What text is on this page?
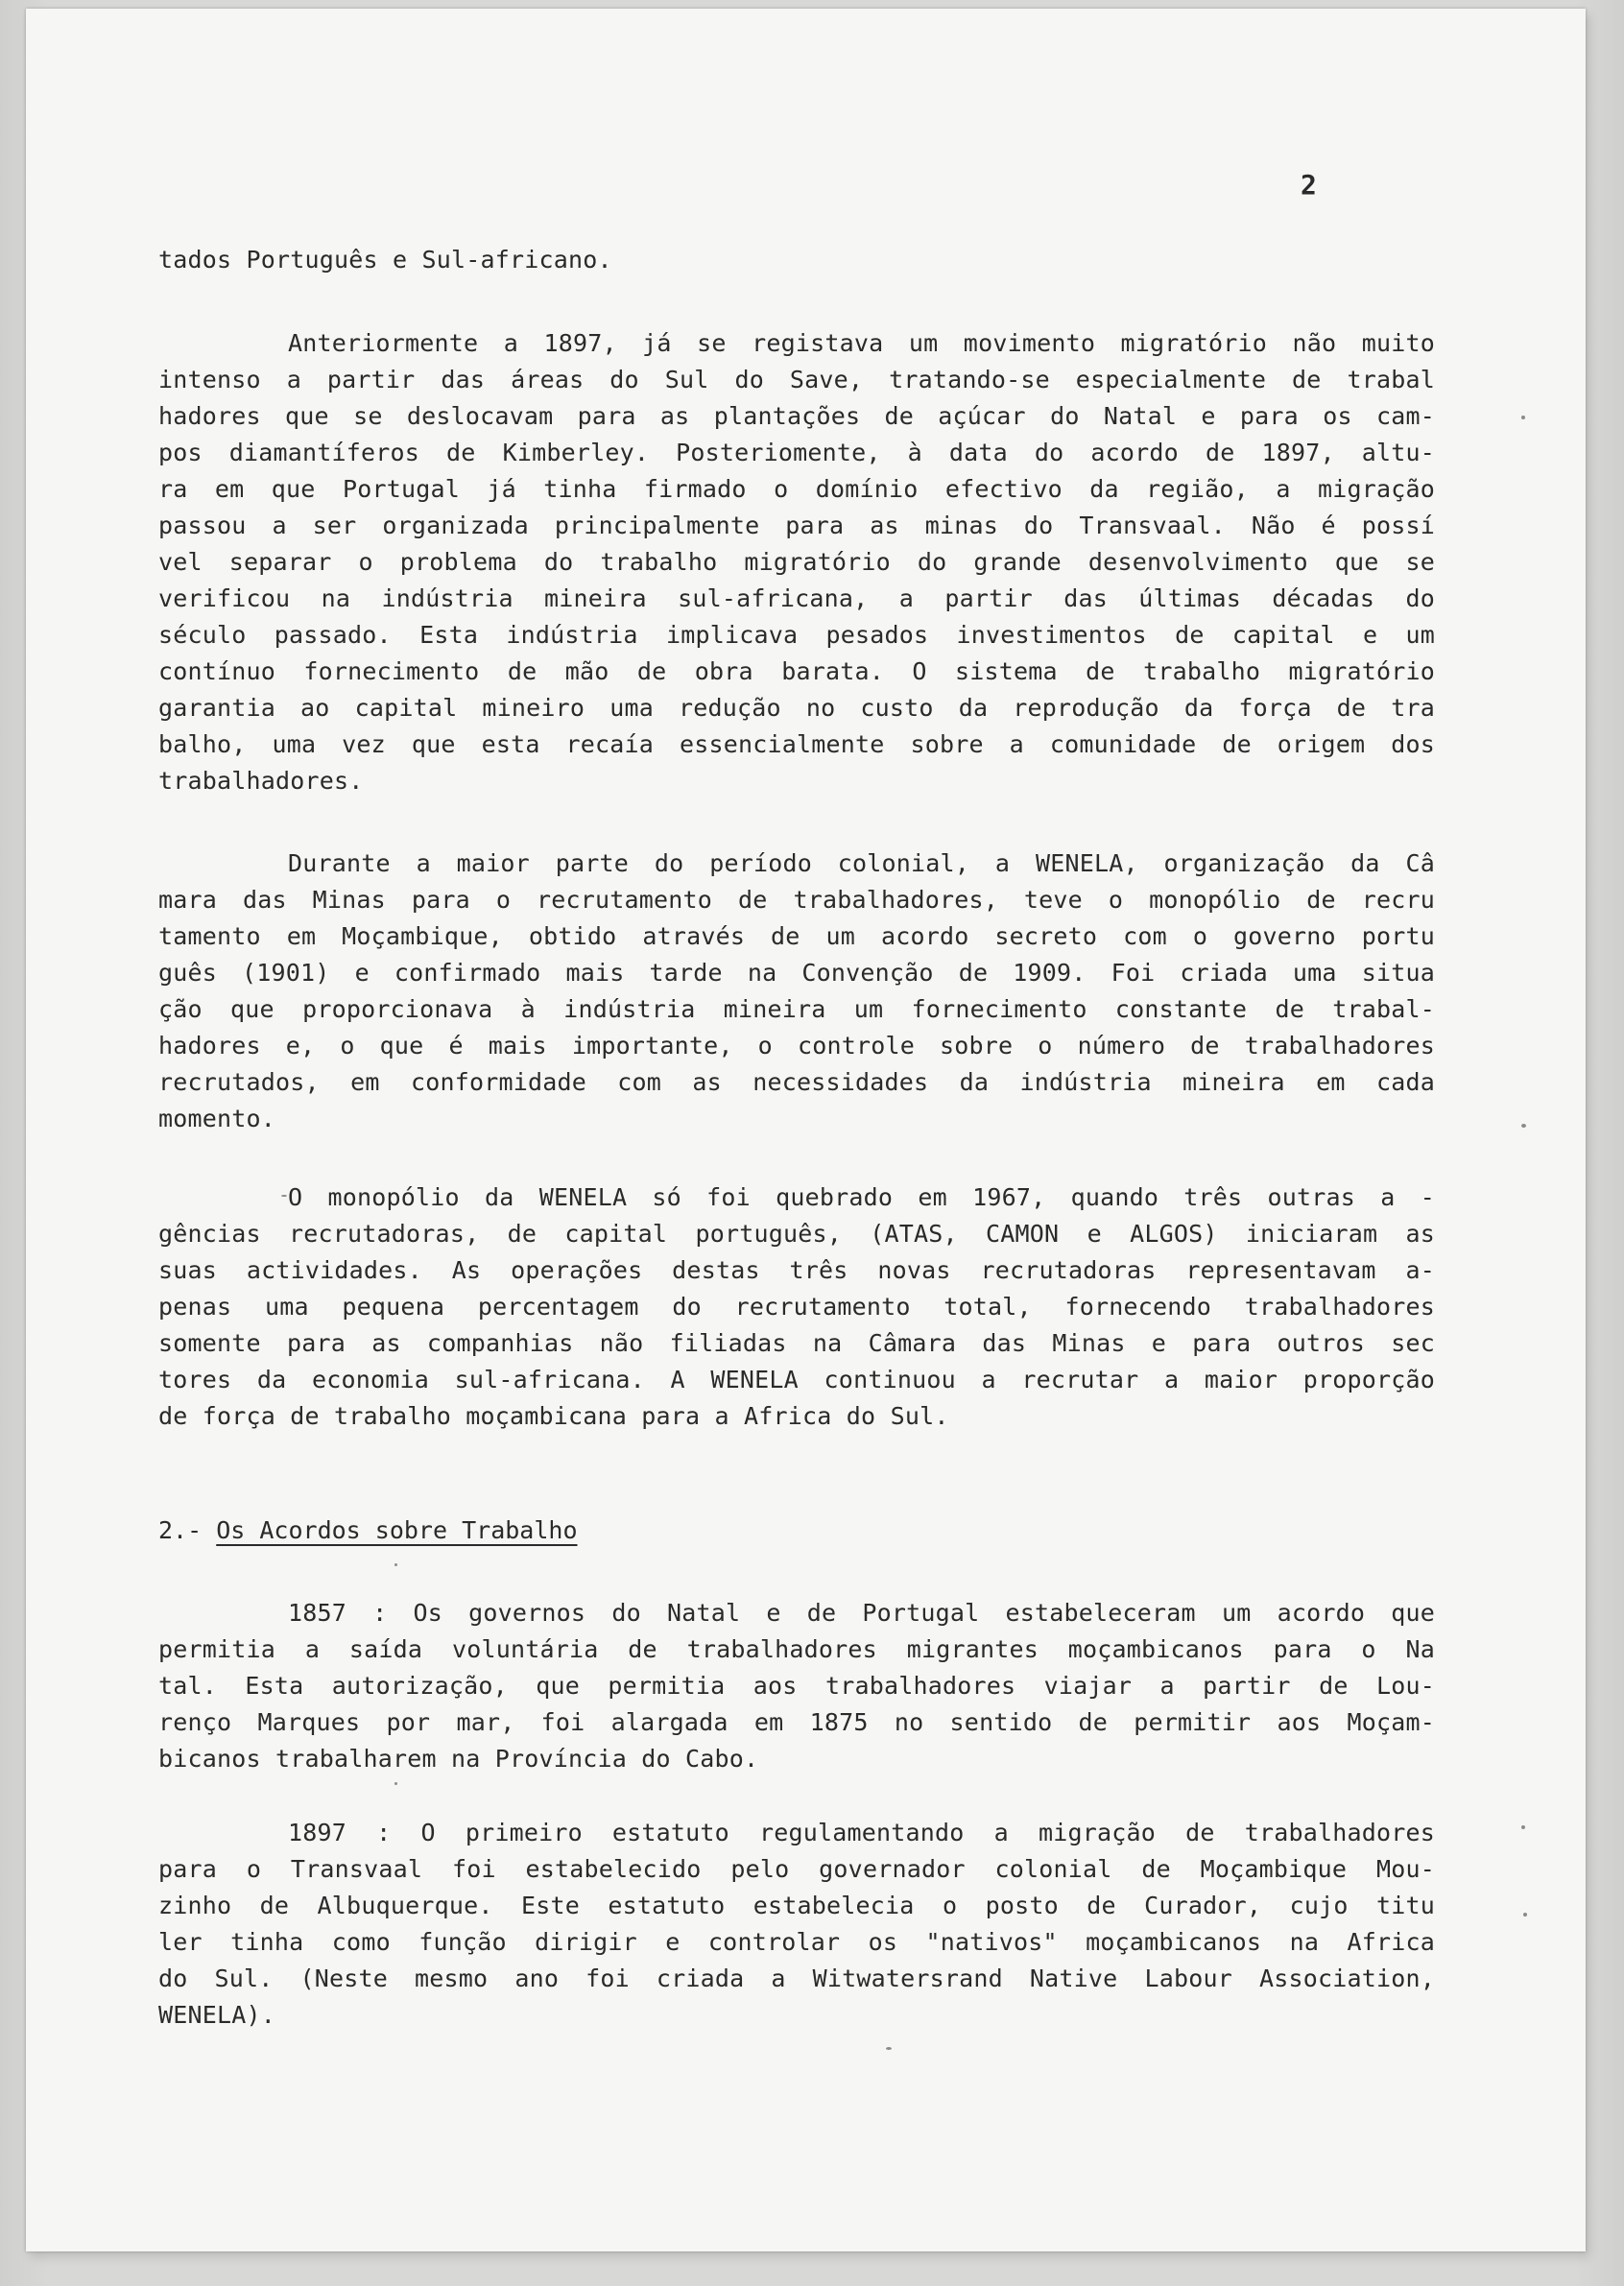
2
tados Português e Sul-africano.
Anteriormente a 1897, já se registava um movimento migratório não muito
intenso a partir das áreas do Sul do Save, tratando-se especialmente de trabal
hadores que se deslocavam para as plantações de açúcar do Natal e para os cam-
pos diamantíferos de Kimberley. Posteriomente, à data do acordo de 1897, altu-
ra em que Portugal já tinha firmado o domínio efectivo da região, a migração
passou a ser organizada principalmente para as minas do Transvaal. Não é possí
vel separar o problema do trabalho migratório do grande desenvolvimento que se
verificou na indústria mineira sul-africana, a partir das últimas décadas do
século passado. Esta indústria implicava pesados investimentos de capital e um
contínuo fornecimento de mão de obra barata. O sistema de trabalho migratório
garantia ao capital mineiro uma redução no custo da reprodução da força de tra
balho, uma vez que esta recaía essencialmente sobre a comunidade de origem dos
trabalhadores.
Durante a maior parte do período colonial, a WENELA, organização da Câ
mara das Minas para o recrutamento de trabalhadores, teve o monopólio de recru
tamento em Moçambique, obtido através de um acordo secreto com o governo portu
guês (1901) e confirmado mais tarde na Convenção de 1909. Foi criada uma situa
ção que proporcionava à indústria mineira um fornecimento constante de trabal-
hadores e, o que é mais importante, o controle sobre o número de trabalhadores
recrutados, em conformidade com as necessidades da indústria mineira em cada
momento.
O monopólio da WENELA só foi quebrado em 1967, quando três outras a -
gências recrutadoras, de capital português, (ATAS, CAMON e ALGOS) iniciaram as
suas actividades. As operações destas três novas recrutadoras representavam a-
penas uma pequena percentagem do recrutamento total, fornecendo trabalhadores
somente para as companhias não filiadas na Câmara das Minas e para outros sec
tores da economia sul-africana. A WENELA continuou a recrutar a maior proporção
de força de trabalho moçambicana para a Africa do Sul.
2.- Os Acordos sobre Trabalho
1857 : Os governos do Natal e de Portugal estabeleceram um acordo que
permitia a saída voluntária de trabalhadores migrantes moçambicanos para o Na
tal. Esta autorização, que permitia aos trabalhadores viajar a partir de Lou-
renço Marques por mar, foi alargada em 1875 no sentido de permitir aos Moçam-
bicanos trabalharem na Província do Cabo.
1897 : O primeiro estatuto regulamentando a migração de trabalhadores
para o Transvaal foi estabelecido pelo governador colonial de Moçambique Mou-
zinho de Albuquerque. Este estatuto estabelecia o posto de Curador, cujo titu
ler tinha como função dirigir e controlar os "nativos" moçambicanos na Africa
do Sul. (Neste mesmo ano foi criada a Witwatersrand Native Labour Association,
WENELA).
